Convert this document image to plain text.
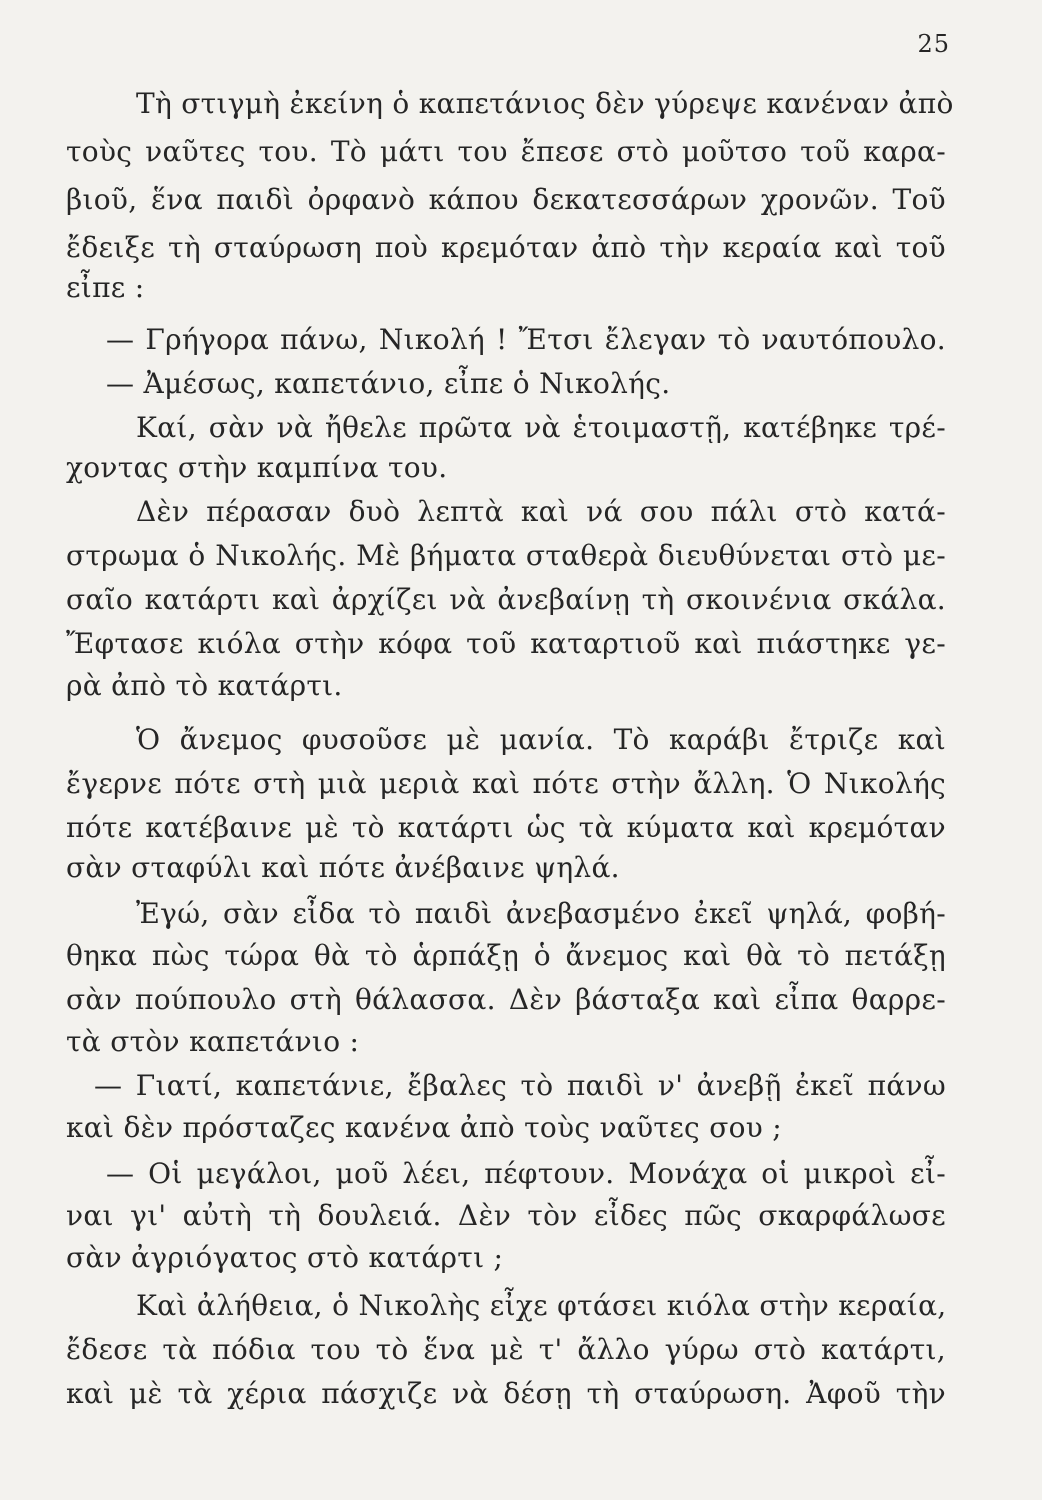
25
Τὴ στιγμὴ ἐκείνη ὁ καπετάνιος δὲν γύρεψε κανέναν ἀπὸ
τοὺς ναῦτες του. Τὸ μάτι του ἔπεσε στὸ μοῦτσο τοῦ καρα-
βιοῦ, ἕνα παιδὶ ὀρφανὸ κάπου δεκατεσσάρων χρονῶν. Τοῦ
ἔδειξε τὴ σταύρωση ποὺ κρεμόταν ἀπὸ τὴν κεραία καὶ τοῦ
εἶπε :
— Γρήγορα πάνω, Νικολή ! Ἔτσι ἔλεγαν τὸ ναυτόπουλο.
— Ἀμέσως, καπετάνιο, εἶπε ὁ Νικολής.
Καί, σὰν νὰ ἤθελε πρῶτα νὰ ἑτοιμαστῇ, κατέβηκε τρέ-
χοντας στὴν καμπίνα του.
Δὲν πέρασαν δυὸ λεπτὰ καὶ νά σου πάλι στὸ κατά-
στρωμα ὁ Νικολής. Μὲ βήματα σταθερὰ διευθύνεται στὸ με-
σαῖο κατάρτι καὶ ἀρχίζει νὰ ἀνεβαίνῃ τὴ σκοινένια σκάλα.
Ἔφτασε κιόλα στὴν κόφα τοῦ καταρτιοῦ καὶ πιάστηκε γε-
ρὰ ἀπὸ τὸ κατάρτι.
Ὁ ἄνεμος φυσοῦσε μὲ μανία. Τὸ καράβι ἔτριζε καὶ
ἔγερνε πότε στὴ μιὰ μεριὰ καὶ πότε στὴν ἄλλη. Ὁ Νικολής
πότε κατέβαινε μὲ τὸ κατάρτι ὡς τὰ κύματα καὶ κρεμόταν
σὰν σταφύλι καὶ πότε ἀνέβαινε ψηλά.
Ἐγώ, σὰν εἶδα τὸ παιδὶ ἀνεβασμένο ἐκεῖ ψηλά, φοβή-
θηκα πὼς τώρα θὰ τὸ ἁρπάξῃ ὁ ἄνεμος καὶ θὰ τὸ πετάξῃ
σὰν πούπουλο στὴ θάλασσα. Δὲν βάσταξα καὶ εἶπα θαρρε-
τὰ στὸν καπετάνιο :
— Γιατί, καπετάνιε, ἔβαλες τὸ παιδὶ ν' ἀνεβῇ ἐκεῖ πάνω
καὶ δὲν πρόσταζες κανένα ἀπὸ τοὺς ναῦτες σου ;
— Οἱ μεγάλοι, μοῦ λέει, πέφτουν. Μονάχα οἱ μικροὶ εἶ-
ναι γι' αὐτὴ τὴ δουλειά. Δὲν τὸν εἶδες πῶς σκαρφάλωσε
σὰν ἀγριόγατος στὸ κατάρτι ;
Καὶ ἀλήθεια, ὁ Νικολὴς εἶχε φτάσει κιόλα στὴν κεραία,
ἔδεσε τὰ πόδια του τὸ ἕνα μὲ τ' ἄλλο γύρω στὸ κατάρτι,
καὶ μὲ τὰ χέρια πάσχιζε νὰ δέσῃ τὴ σταύρωση. Ἀφοῦ τὴν
